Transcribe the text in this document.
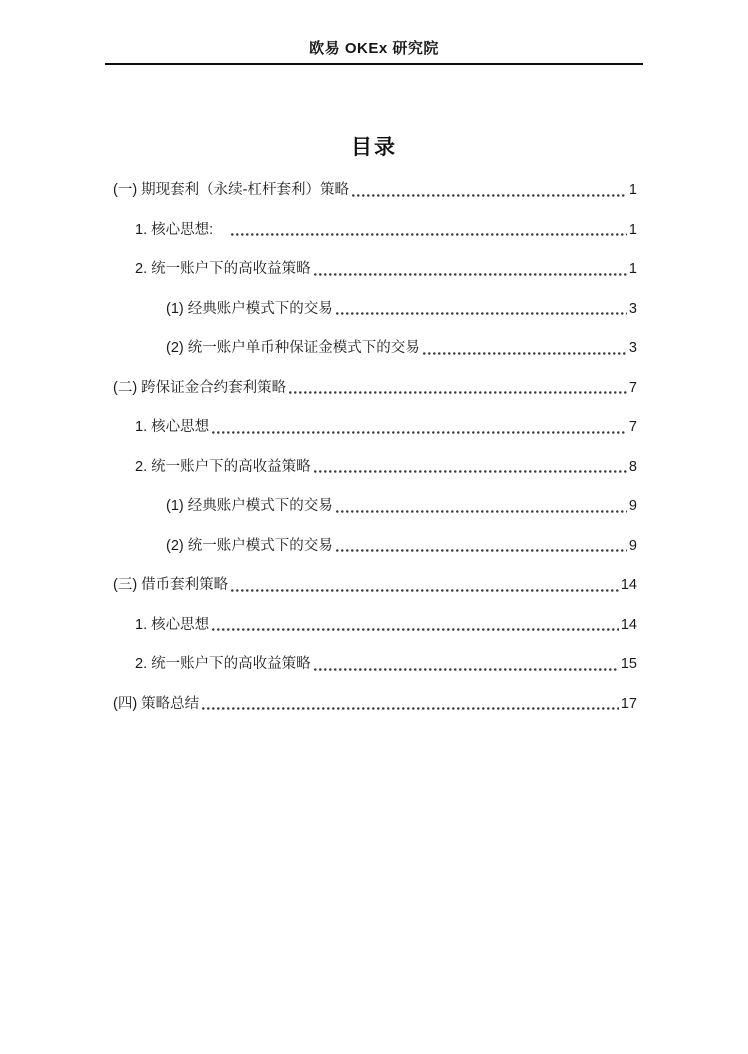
欧易 OKEx 研究院
目录
(一) 期现套利（永续-杠杆套利）策略	1
1. 核心思想:　	1
2. 统一账户下的高收益策略	1
(1) 经典账户模式下的交易	3
(2) 统一账户单币种保证金模式下的交易	3
(二) 跨保证金合约套利策略	7
1. 核心思想	7
2. 统一账户下的高收益策略	8
(1) 经典账户模式下的交易	9
(2) 统一账户模式下的交易	9
(三) 借币套利策略	14
1. 核心思想	14
2. 统一账户下的高收益策略	15
(四) 策略总结	17
